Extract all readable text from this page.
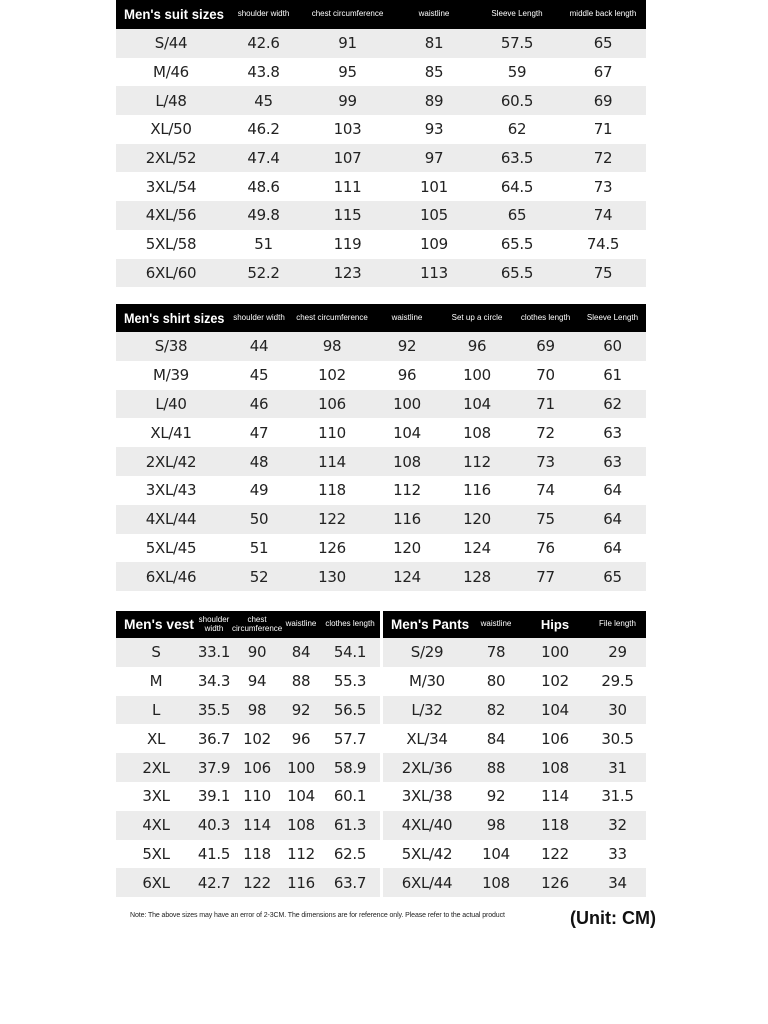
Men's suit sizes	shoulder width	chest circumference	waistline	Sleeve Length	middle back length
S/44	42.6	91	81	57.5	65
M/46	43.8	95	85	59	67
L/48	45	99	89	60.5	69
XL/50	46.2	103	93	62	71
2XL/52	47.4	107	97	63.5	72
3XL/54	48.6	111	101	64.5	73
4XL/56	49.8	115	105	65	74
5XL/58	51	119	109	65.5	74.5
6XL/60	52.2	123	113	65.5	75
Men's shirt sizes	shoulder width	chest circumference	waistline	Set up a circle	clothes length	Sleeve Length
S/38	44	98	92	96	69	60
M/39	45	102	96	100	70	61
L/40	46	106	100	104	71	62
XL/41	47	110	104	108	72	63
2XL/42	48	114	108	112	73	63
3XL/43	49	118	112	116	74	64
4XL/44	50	122	116	120	75	64
5XL/45	51	126	120	124	76	64
6XL/46	52	130	124	128	77	65
Men's vest	shoulder width	chest circumference	waistline	clothes length
S	33.1	90	84	54.1
M	34.3	94	88	55.3
L	35.5	98	92	56.5
XL	36.7	102	96	57.7
2XL	37.9	106	100	58.9
3XL	39.1	110	104	60.1
4XL	40.3	114	108	61.3
5XL	41.5	118	112	62.5
6XL	42.7	122	116	63.7
Men's Pants	waistline	Hips	File length
S/29	78	100	29
M/30	80	102	29.5
L/32	82	104	30
XL/34	84	106	30.5
2XL/36	88	108	31
3XL/38	92	114	31.5
4XL/40	98	118	32
5XL/42	104	122	33
6XL/44	108	126	34
Note: The above sizes may have an error of 2-3CM. The dimensions are for reference only. Please refer to the actual product	(Unit: CM)
